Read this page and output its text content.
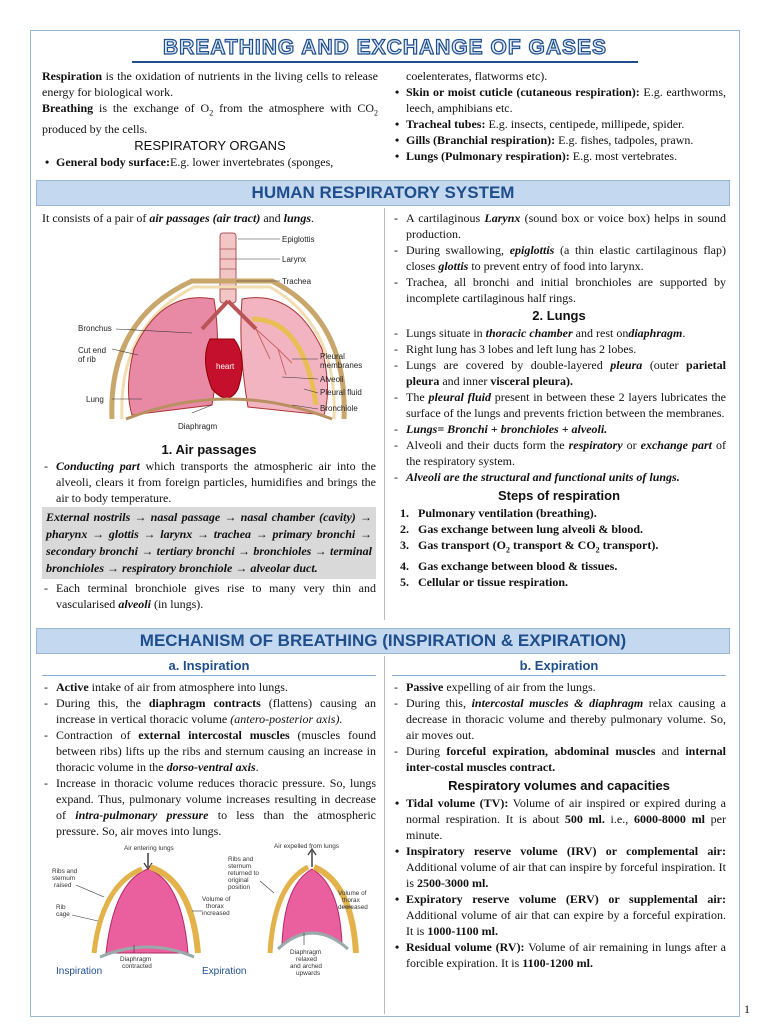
BREATHING AND EXCHANGE OF GASES

Respiration is the oxidation of nutrients in the living cells to release energy for biological work.

Breathing is the exchange of $O_2$ from the atmosphere with $CO_2$ produced by the cells.

RESPIRATORY ORGANS
• General body surface:E.g. lower invertebrates (sponges,

coelenterates, flatworms etc).

• Skin or moist cuticle (cutaneous respiration): E.g. earthworms, leech, amphibians etc.
• Tracheal tubes: E.g. insects, centipede, millipede, spider.
• Gills (Branchial respiration): E.g. fishes, tadpoles, prawn.
• Lungs (Pulmonary respiration): E.g. most vertebrates.
HUMAN RESPIRATORY SYSTEM

It consists of a pair of air passages (air tract) and lungs.

heart
Epiglottis
Larynx
Trachea
Bronchus
Cut end
of rib
Lung
Pleural
membranes
Alveoli
Pleural fluid
Bronchiole
Diaphragm
1. Air passages
- Conducting part which transports the atmospheric air into the alveoli, clears it from foreign particles, humidifies and brings the air to body temperature.
External nostrils → nasal passage → nasal chamber (cavity) → pharynx → glottis → larynx → trachea → primary bronchi → secondary bronchi → tertiary bronchi → bronchioles → terminal bronchioles → respiratory bronchiole → alveolar duct.
- Each terminal bronchiole gives rise to many very thin and vascularised alveoli (in lungs).
- A cartilaginous Larynx (sound box or voice box) helps in sound production.
- During swallowing, epiglottis (a thin elastic cartilaginous flap) closes glottis to prevent entry of food into larynx.
- Trachea, all bronchi and initial bronchioles are supported by incomplete cartilaginous half rings.
2. Lungs
- Lungs situate in thoracic chamber and rest ondiaphragm.
- Right lung has 3 lobes and left lung has 2 lobes.
- Lungs are covered by double-layered pleura (outer parietal pleura and inner visceral pleura).
- The pleural fluid present in between these 2 layers lubricates the surface of the lungs and prevents friction between the membranes.
- Lungs= Bronchi + bronchioles + alveoli.
- Alveoli and their ducts form the respiratory or exchange part of the respiratory system.
- Alveoli are the structural and functional units of lungs.
Steps of respiration
1. Pulmonary ventilation (breathing).
2. Gas exchange between lung alveoli & blood.
3. Gas transport ($O_2$ transport & $CO_2$ transport).
4. Gas exchange between blood & tissues.
5. Cellular or tissue respiration.
MECHANISM OF BREATHING (INSPIRATION & EXPIRATION)
a. Inspiration
- Active intake of air from atmosphere into lungs.
- During this, the diaphragm contracts (flattens) causing an increase in vertical thoracic volume (antero-posterior axis).
- Contraction of external intercostal muscles (muscles found between ribs) lifts up the ribs and sternum causing an increase in thoracic volume in the dorso-ventral axis.
- Increase in thoracic volume reduces thoracic pressure. So, lungs expand. Thus, pulmonary volume increases resulting in decrease of intra-pulmonary pressure to less than the atmospheric pressure. So, air moves into lungs.
Air entering lungs	Air expelled from lungs
Ribs and
sternum
raised
Rib
cage
Volume of
thorax
increased
Diaphragm
contracted
Ribs and
sternum
returned to
original
position
Volume of
thorax
decreased
Diaphragm
relaxed
and arched
upwards
Inspiration	Expiration
b. Expiration
- Passive expelling of air from the lungs.
- During this, intercostal muscles & diaphragm relax causing a decrease in thoracic volume and thereby pulmonary volume. So, air moves out.
- During forceful expiration, abdominal muscles and internal inter-costal muscles contract.
Respiratory volumes and capacities
• Tidal volume (TV): Volume of air inspired or expired during a normal respiration. It is about 500 ml. i.e., 6000-8000 ml per minute.
• Inspiratory reserve volume (IRV) or complemental air: Additional volume of air that can inspire by forceful inspiration. It is 2500-3000 ml.
• Expiratory reserve volume (ERV) or supplemental air: Additional volume of air that can expire by a forceful expiration. It is 1000-1100 ml.
• Residual volume (RV): Volume of air remaining in lungs after a forcible expiration. It is 1100-1200 ml.
1
